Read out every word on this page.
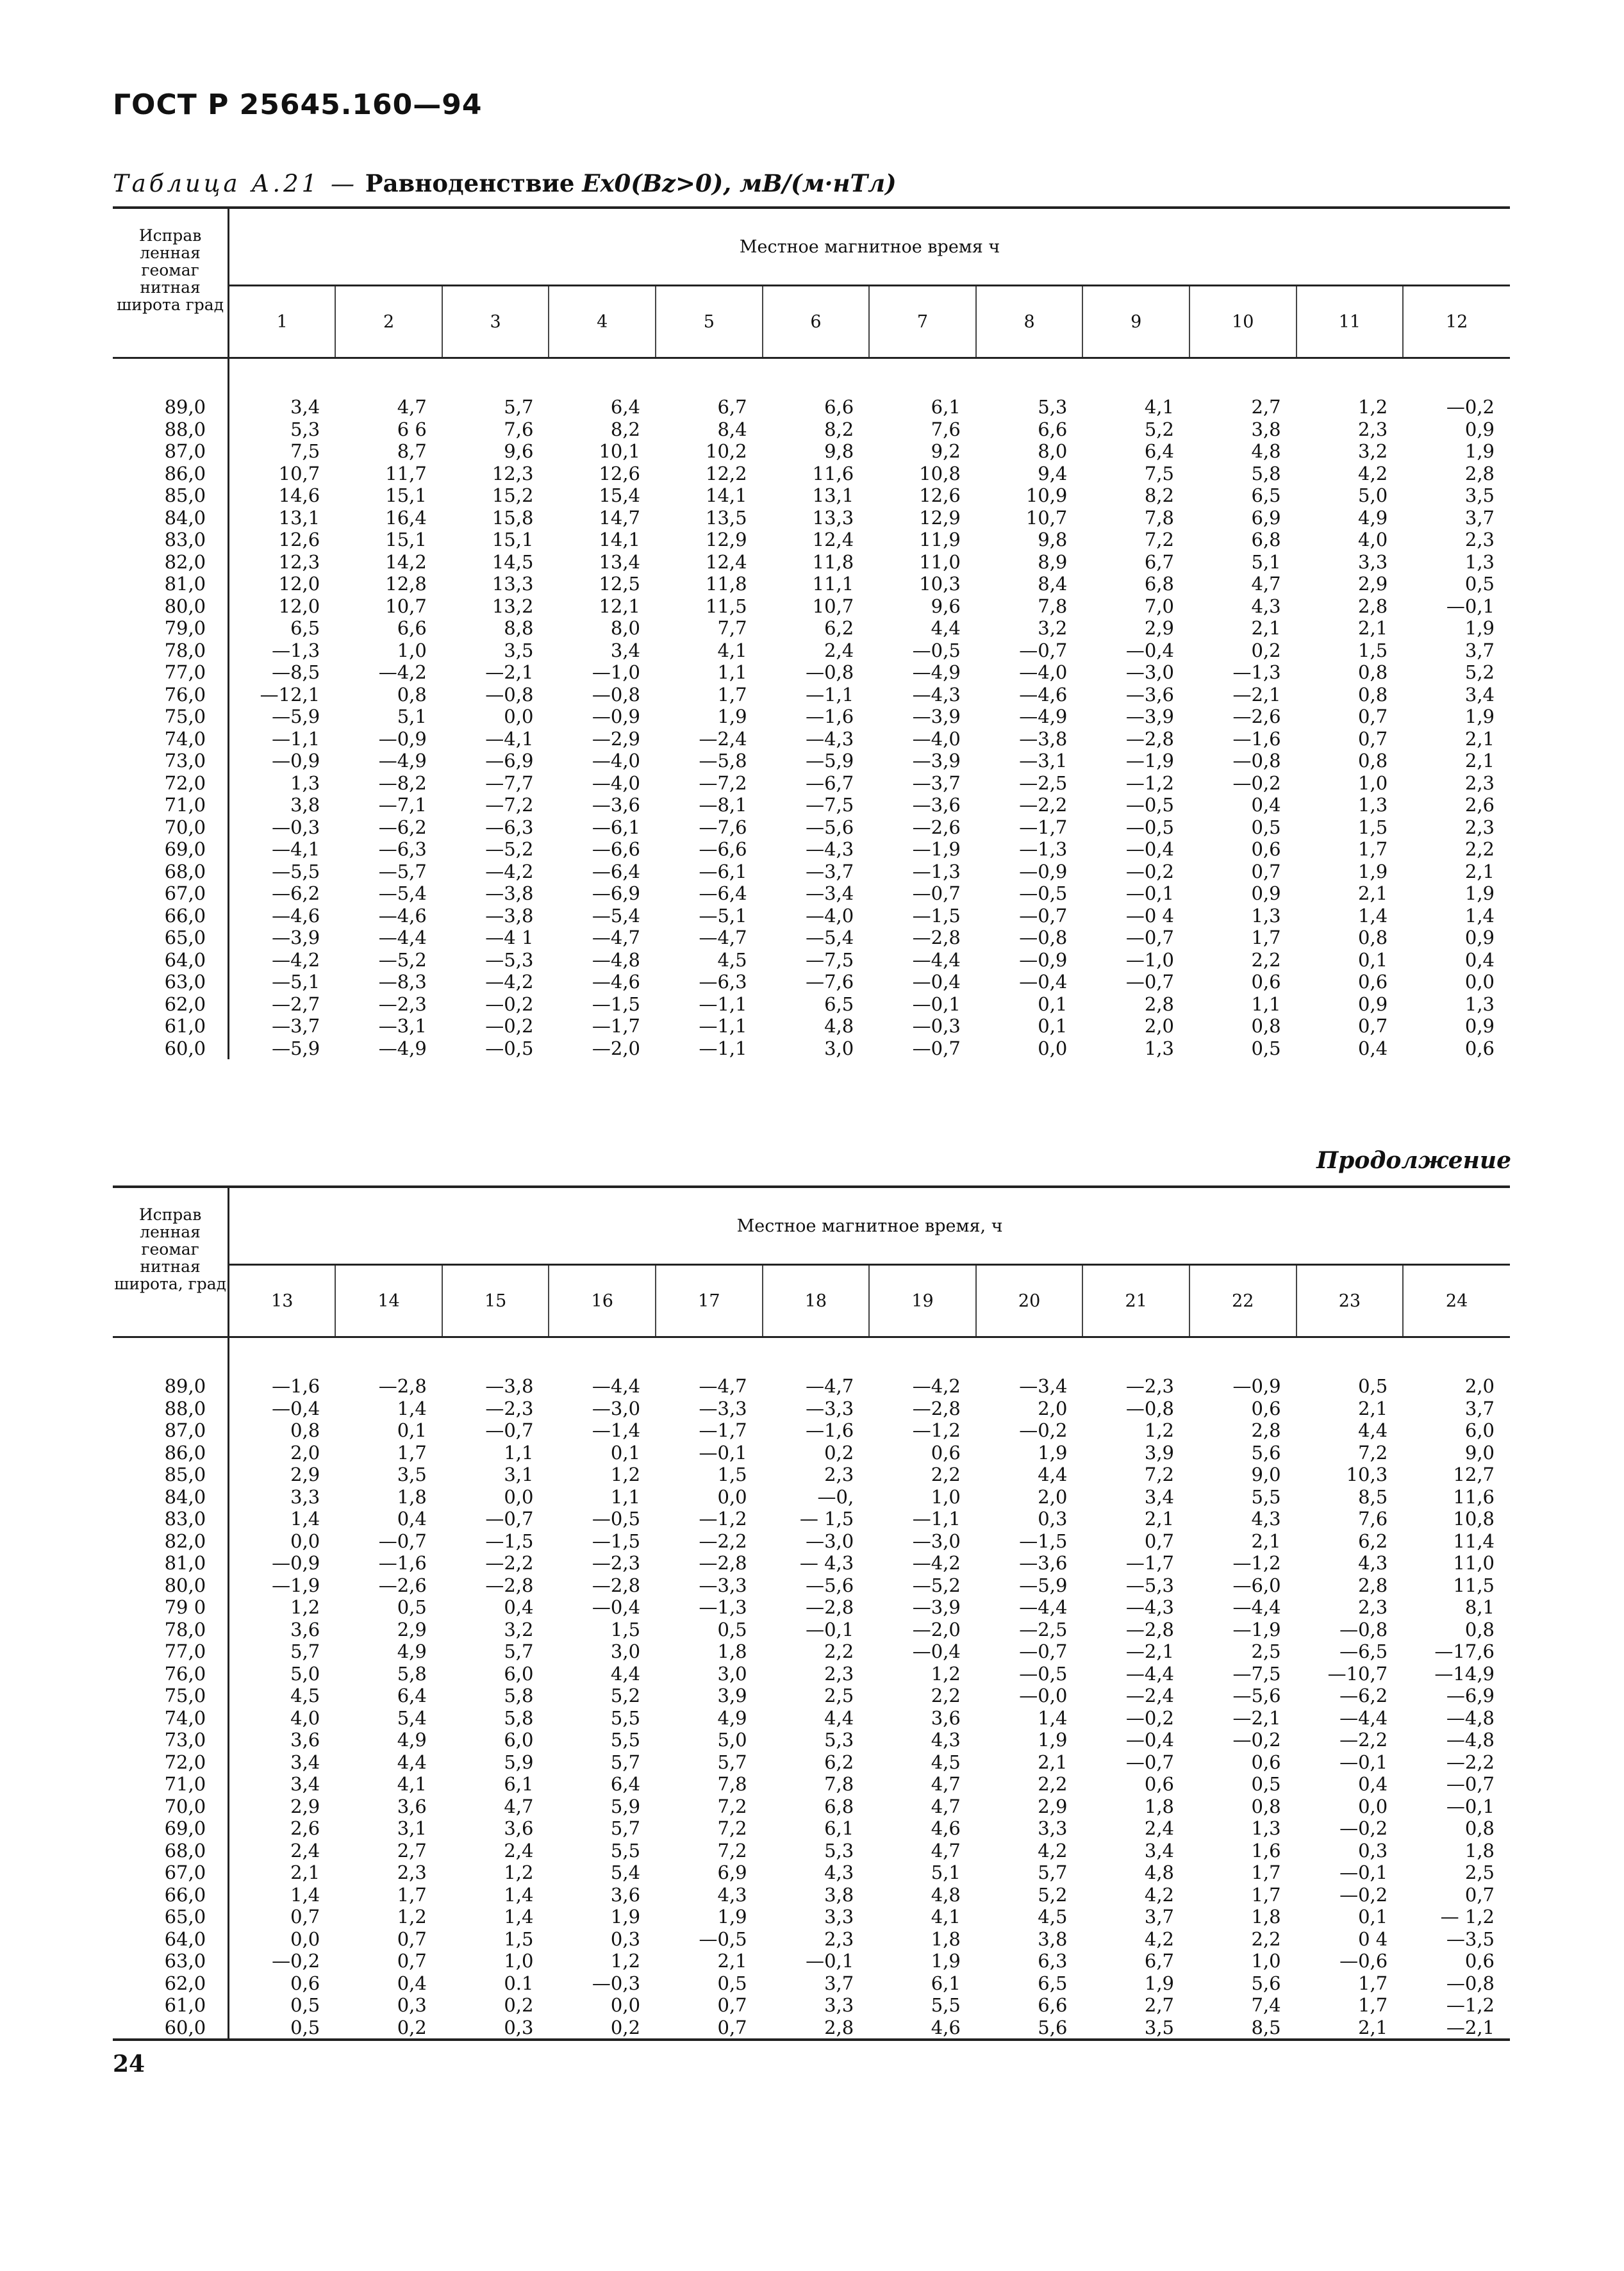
ГОСТ Р 25645.160—94
Таблица А.21 — Равноденствие Ex0(Bz>0), мВ/(м·нТл)
Исправ ленная геомаг нитная широта град	Местное магнитное время ч											
	1	2	3	4	5	6	7	8	9	10	11	12

89,0	3,4	4,7	5,7	6,4	6,7	6,6	6,1	5,3	4,1	2,7	1,2	—0,2
88,0	5,3	6 6	7,6	8,2	8,4	8,2	7,6	6,6	5,2	3,8	2,3	0,9
87,0	7,5	8,7	9,6	10,1	10,2	9,8	9,2	8,0	6,4	4,8	3,2	1,9
86,0	10,7	11,7	12,3	12,6	12,2	11,6	10,8	9,4	7,5	5,8	4,2	2,8
85,0	14,6	15,1	15,2	15,4	14,1	13,1	12,6	10,9	8,2	6,5	5,0	3,5
84,0	13,1	16,4	15,8	14,7	13,5	13,3	12,9	10,7	7,8	6,9	4,9	3,7
83,0	12,6	15,1	15,1	14,1	12,9	12,4	11,9	9,8	7,2	6,8	4,0	2,3
82,0	12,3	14,2	14,5	13,4	12,4	11,8	11,0	8,9	6,7	5,1	3,3	1,3
81,0	12,0	12,8	13,3	12,5	11,8	11,1	10,3	8,4	6,8	4,7	2,9	0,5
80,0	12,0	10,7	13,2	12,1	11,5	10,7	9,6	7,8	7,0	4,3	2,8	—0,1
79,0	6,5	6,6	8,8	8,0	7,7	6,2	4,4	3,2	2,9	2,1	2,1	1,9
78,0	—1,3	1,0	3,5	3,4	4,1	2,4	—0,5	—0,7	—0,4	0,2	1,5	3,7
77,0	—8,5	—4,2	—2,1	—1,0	1,1	—0,8	—4,9	—4,0	—3,0	—1,3	0,8	5,2
76,0	—12,1	0,8	—0,8	—0,8	1,7	—1,1	—4,3	—4,6	—3,6	—2,1	0,8	3,4
75,0	—5,9	5,1	0,0	—0,9	1,9	—1,6	—3,9	—4,9	—3,9	—2,6	0,7	1,9
74,0	—1,1	—0,9	—4,1	—2,9	—2,4	—4,3	—4,0	—3,8	—2,8	—1,6	0,7	2,1
73,0	—0,9	—4,9	—6,9	—4,0	—5,8	—5,9	—3,9	—3,1	—1,9	—0,8	0,8	2,1
72,0	1,3	—8,2	—7,7	—4,0	—7,2	—6,7	—3,7	—2,5	—1,2	—0,2	1,0	2,3
71,0	3,8	—7,1	—7,2	—3,6	—8,1	—7,5	—3,6	—2,2	—0,5	0,4	1,3	2,6
70,0	—0,3	—6,2	—6,3	—6,1	—7,6	—5,6	—2,6	—1,7	—0,5	0,5	1,5	2,3
69,0	—4,1	—6,3	—5,2	—6,6	—6,6	—4,3	—1,9	—1,3	—0,4	0,6	1,7	2,2
68,0	—5,5	—5,7	—4,2	—6,4	—6,1	—3,7	—1,3	—0,9	—0,2	0,7	1,9	2,1
67,0	—6,2	—5,4	—3,8	—6,9	—6,4	—3,4	—0,7	—0,5	—0,1	0,9	2,1	1,9
66,0	—4,6	—4,6	—3,8	—5,4	—5,1	—4,0	—1,5	—0,7	—0 4	1,3	1,4	1,4
65,0	—3,9	—4,4	—4 1	—4,7	—4,7	—5,4	—2,8	—0,8	—0,7	1,7	0,8	0,9
64,0	—4,2	—5,2	—5,3	—4,8	4,5	—7,5	—4,4	—0,9	—1,0	2,2	0,1	0,4
63,0	—5,1	—8,3	—4,2	—4,6	—6,3	—7,6	—0,4	—0,4	—0,7	0,6	0,6	0,0
62,0	—2,7	—2,3	—0,2	—1,5	—1,1	6,5	—0,1	0,1	2,8	1,1	0,9	1,3
61,0	—3,7	—3,1	—0,2	—1,7	—1,1	4,8	—0,3	0,1	2,0	0,8	0,7	0,9
60,0	—5,9	—4,9	—0,5	—2,0	—1,1	3,0	—0,7	0,0	1,3	0,5	0,4	0,6
Продолжение
Исправ ленная геомаг нитная широта, град	Местное магнитное время, ч											
	13	14	15	16	17	18	19	20	21	22	23	24

89,0	—1,6	—2,8	—3,8	—4,4	—4,7	—4,7	—4,2	—3,4	—2,3	—0,9	0,5	2,0
88,0	—0,4	1,4	—2,3	—3,0	—3,3	—3,3	—2,8	2,0	—0,8	0,6	2,1	3,7
87,0	0,8	0,1	—0,7	—1,4	—1,7	—1,6	—1,2	—0,2	1,2	2,8	4,4	6,0
86,0	2,0	1,7	1,1	0,1	—0,1	0,2	0,6	1,9	3,9	5,6	7,2	9,0
85,0	2,9	3,5	3,1	1,2	1,5	2,3	2,2	4,4	7,2	9,0	10,3	12,7
84,0	3,3	1,8	0,0	1,1	0,0	—0,	1,0	2,0	3,4	5,5	8,5	11,6
83,0	1,4	0,4	—0,7	—0,5	—1,2	— 1,5	—1,1	0,3	2,1	4,3	7,6	10,8
82,0	0,0	—0,7	—1,5	—1,5	—2,2	—3,0	—3,0	—1,5	0,7	2,1	6,2	11,4
81,0	—0,9	—1,6	—2,2	—2,3	—2,8	— 4,3	—4,2	—3,6	—1,7	—1,2	4,3	11,0
80,0	—1,9	—2,6	—2,8	—2,8	—3,3	—5,6	—5,2	—5,9	—5,3	—6,0	2,8	11,5
79 0	1,2	0,5	0,4	—0,4	—1,3	—2,8	—3,9	—4,4	—4,3	—4,4	2,3	8,1
78,0	3,6	2,9	3,2	1,5	0,5	—0,1	—2,0	—2,5	—2,8	—1,9	—0,8	0,8
77,0	5,7	4,9	5,7	3,0	1,8	2,2	—0,4	—0,7	—2,1	2,5	—6,5	—17,6
76,0	5,0	5,8	6,0	4,4	3,0	2,3	1,2	—0,5	—4,4	—7,5	—10,7	—14,9
75,0	4,5	6,4	5,8	5,2	3,9	2,5	2,2	—0,0	—2,4	—5,6	—6,2	—6,9
74,0	4,0	5,4	5,8	5,5	4,9	4,4	3,6	1,4	—0,2	—2,1	—4,4	—4,8
73,0	3,6	4,9	6,0	5,5	5,0	5,3	4,3	1,9	—0,4	—0,2	—2,2	—4,8
72,0	3,4	4,4	5,9	5,7	5,7	6,2	4,5	2,1	—0,7	0,6	—0,1	—2,2
71,0	3,4	4,1	6,1	6,4	7,8	7,8	4,7	2,2	0,6	0,5	0,4	—0,7
70,0	2,9	3,6	4,7	5,9	7,2	6,8	4,7	2,9	1,8	0,8	0,0	—0,1
69,0	2,6	3,1	3,6	5,7	7,2	6,1	4,6	3,3	2,4	1,3	—0,2	0,8
68,0	2,4	2,7	2,4	5,5	7,2	5,3	4,7	4,2	3,4	1,6	0,3	1,8
67,0	2,1	2,3	1,2	5,4	6,9	4,3	5,1	5,7	4,8	1,7	—0,1	2,5
66,0	1,4	1,7	1,4	3,6	4,3	3,8	4,8	5,2	4,2	1,7	—0,2	0,7
65,0	0,7	1,2	1,4	1,9	1,9	3,3	4,1	4,5	3,7	1,8	0,1	— 1,2
64,0	0,0	0,7	1,5	0,3	—0,5	2,3	1,8	3,8	4,2	2,2	0 4	—3,5
63,0	—0,2	0,7	1,0	1,2	2,1	—0,1	1,9	6,3	6,7	1,0	—0,6	0,6
62,0	0,6	0,4	0.1	—0,3	0,5	3,7	6,1	6,5	1,9	5,6	1,7	—0,8
61,0	0,5	0,3	0,2	0,0	0,7	3,3	5,5	6,6	2,7	7,4	1,7	—1,2
60,0	0,5	0,2	0,3	0,2	0,7	2,8	4,6	5,6	3,5	8,5	2,1	—2,1
24
